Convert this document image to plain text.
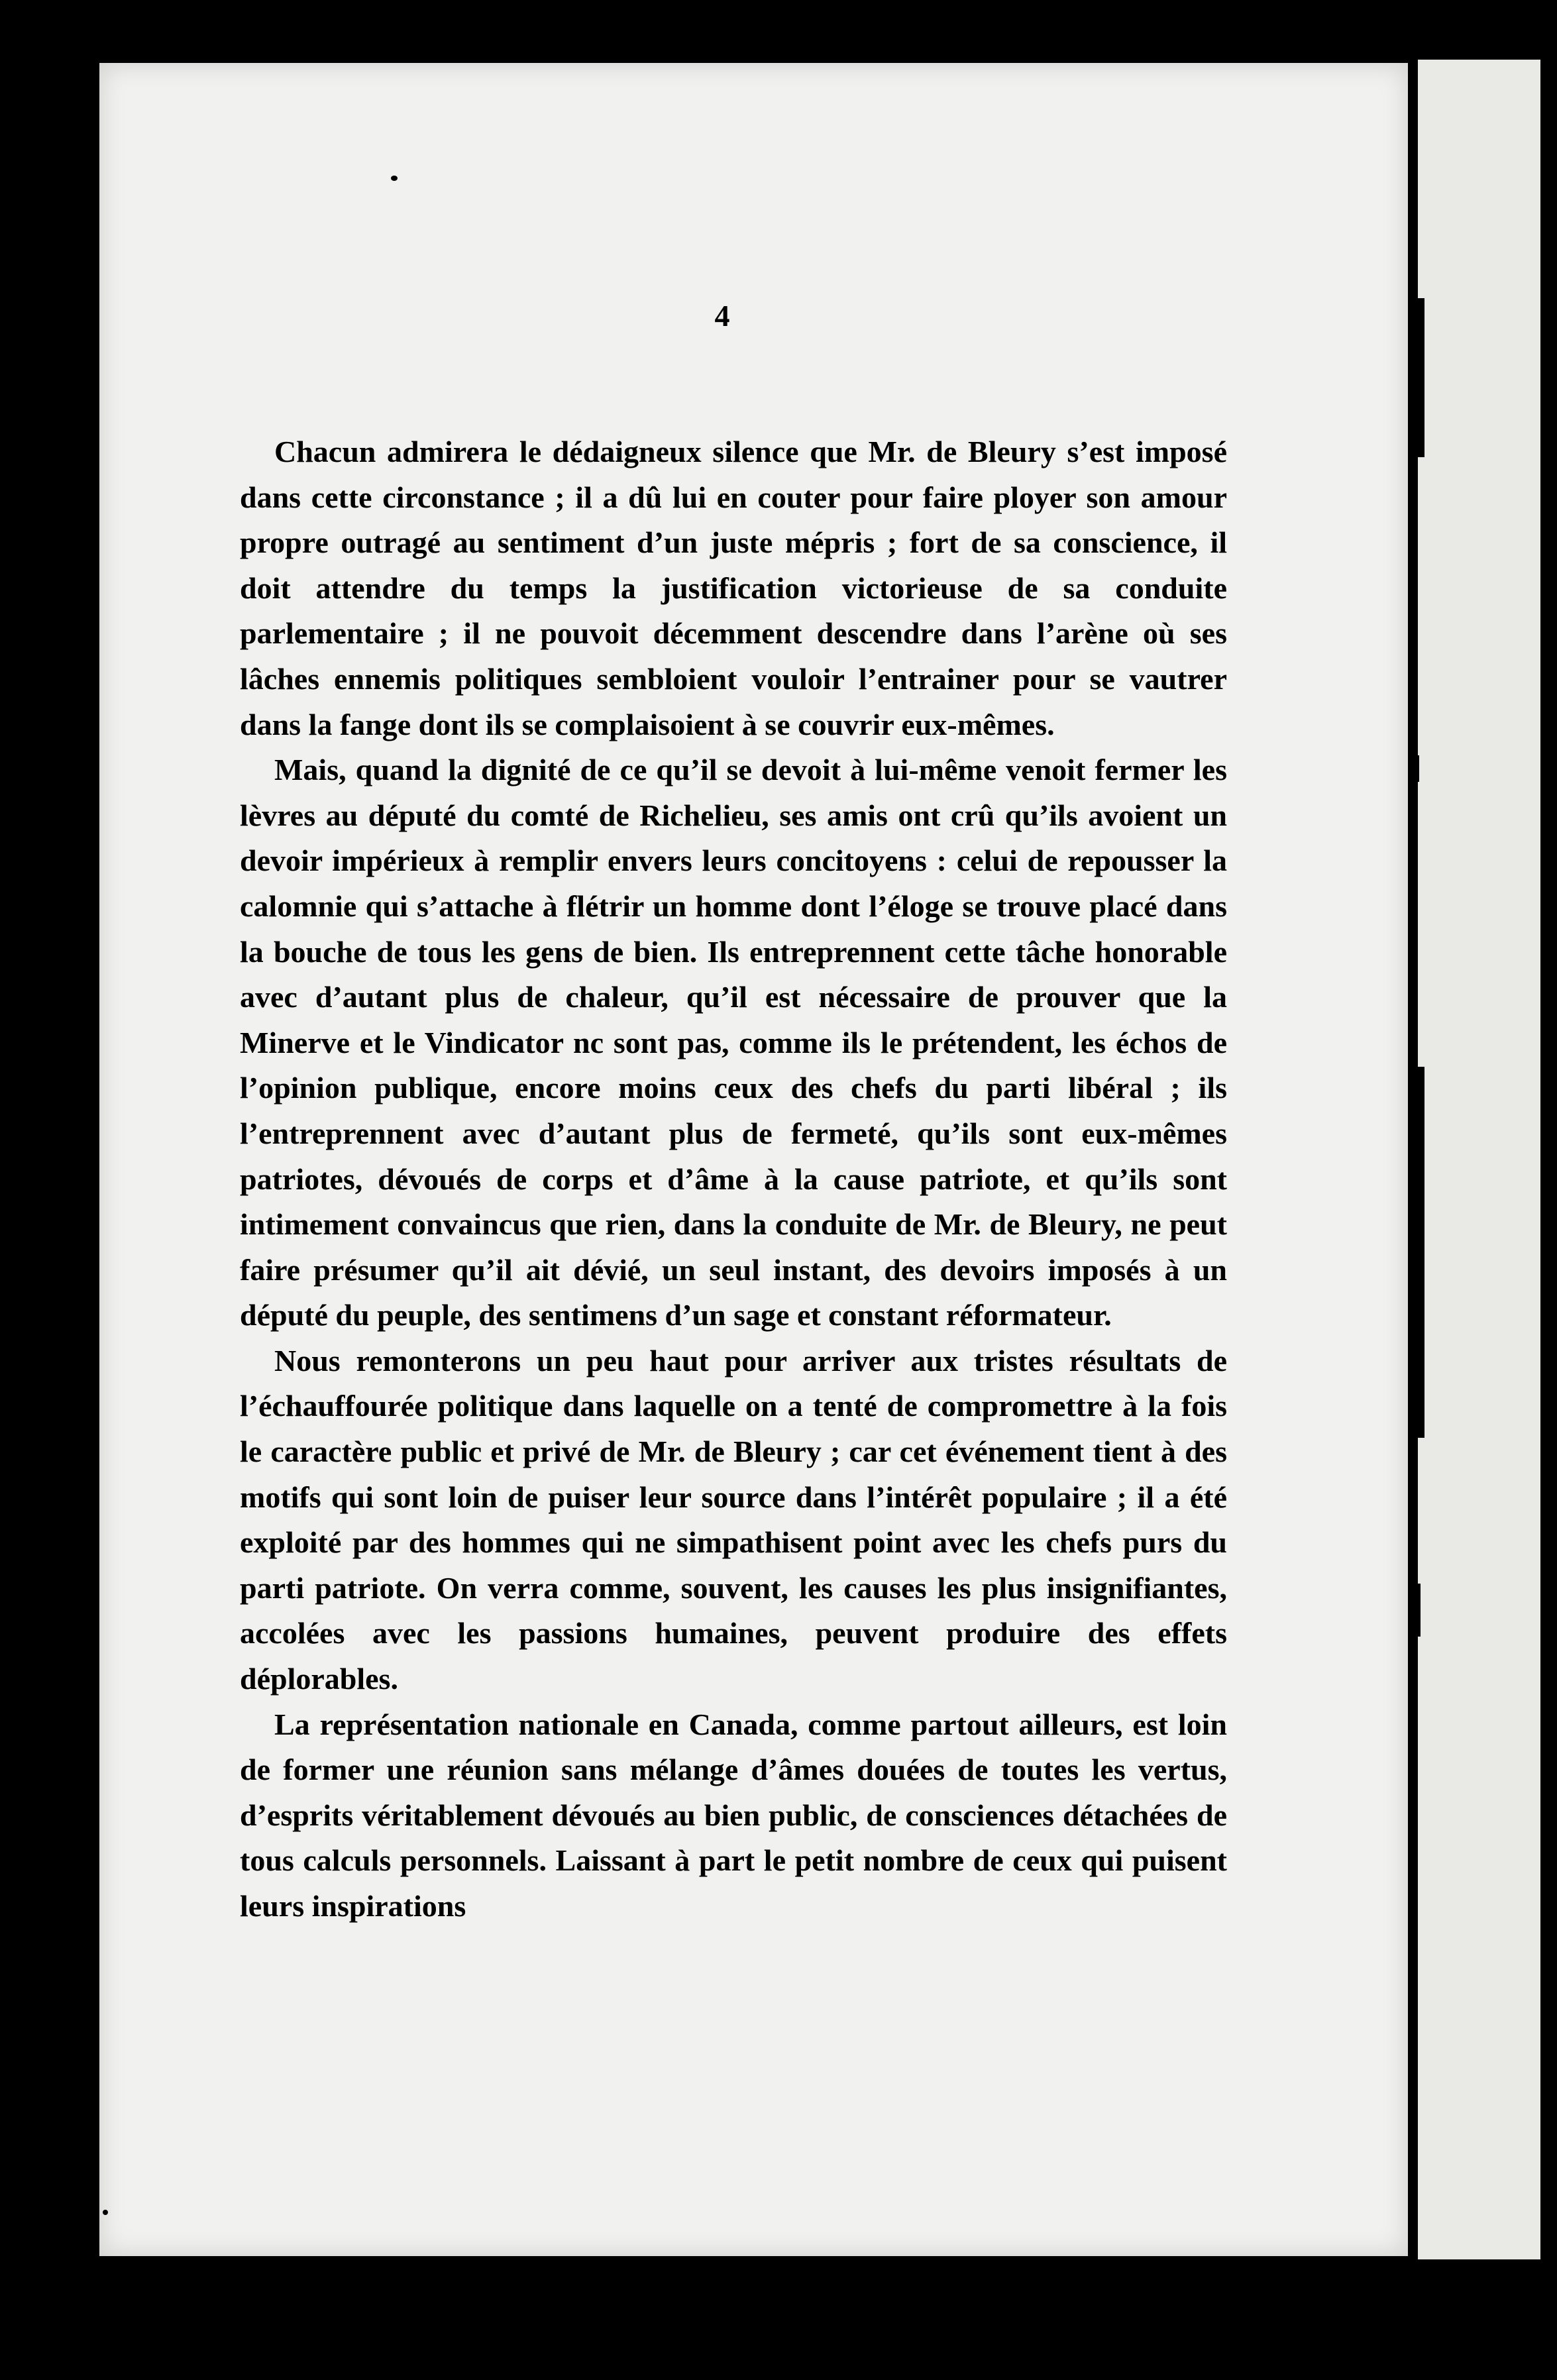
4

Chacun admirera le dédaigneux silence que Mr. de Bleury s’est imposé dans cette circonstance ; il a dû lui en couter pour faire ployer son amour propre outragé au sentiment d’un juste mépris ; fort de sa conscience, il doit attendre du temps la justification victorieuse de sa conduite parlementaire ; il ne pouvoit décemment descendre dans l’arène où ses lâches ennemis politiques sembloient vouloir l’entrainer pour se vautrer dans la fange dont ils se complaisoient à se couvrir eux-mêmes.

Mais, quand la dignité de ce qu’il se devoit à lui-même venoit fermer les lèvres au député du comté de Richelieu, ses amis ont crû qu’ils avoient un devoir impérieux à remplir envers leurs concitoyens : celui de repousser la calomnie qui s’attache à flétrir un homme dont l’éloge se trouve placé dans la bouche de tous les gens de bien. Ils entreprennent cette tâche honorable avec d’autant plus de chaleur, qu’il est nécessaire de prouver que la Minerve et le Vindicator nc sont pas, comme ils le prétendent, les échos de l’opinion publique, encore moins ceux des chefs du parti libéral ; ils l’entreprennent avec d’autant plus de fermeté, qu’ils sont eux-mêmes patriotes, dévoués de corps et d’âme à la cause patriote, et qu’ils sont intimement convaincus que rien, dans la conduite de Mr. de Bleury, ne peut faire présumer qu’il ait dévié, un seul instant, des devoirs imposés à un député du peuple, des sentimens d’un sage et constant réformateur.

Nous remonterons un peu haut pour arriver aux tristes résultats de l’échauffourée politique dans laquelle on a tenté de compromettre à la fois le caractère public et privé de Mr. de Bleury ; car cet événement tient à des motifs qui sont loin de puiser leur source dans l’intérêt populaire ; il a été exploité par des hommes qui ne simpathisent point avec les chefs purs du parti patriote. On verra comme, souvent, les causes les plus insignifiantes, accolées avec les passions humaines, peuvent produire des effets déplorables.

La représentation nationale en Canada, comme partout ailleurs, est loin de former une réunion sans mélange d’âmes douées de toutes les vertus, d’esprits véritablement dévoués au bien public, de consciences détachées de tous calculs personnels. Laissant à part le petit nombre de ceux qui puisent leurs inspirations
